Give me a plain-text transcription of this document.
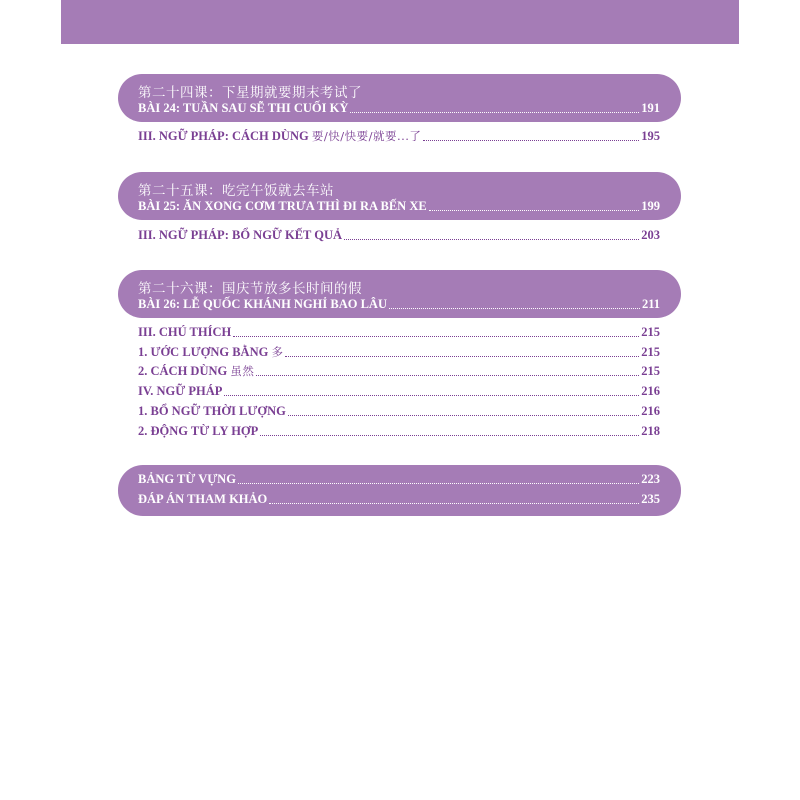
第二十四课：下星期就要期末考试了
BÀI 24: TUẦN SAU SẼ THI CUỐI KỲ	191
III. NGỮ PHÁP: CÁCH DÙNG 要/快/快要/就要...了	195
第二十五课：吃完午饭就去车站
BÀI 25: ĂN XONG CƠM TRƯA THÌ ĐI RA BẾN XE	199
III. NGỮ PHÁP: BỔ NGỮ KẾT QUẢ	203
第二十六课：国庆节放多长时间的假
BÀI 26: LỄ QUỐC KHÁNH NGHỈ BAO LÂU	211
III. CHÚ THÍCH	215
1. ƯỚC LƯỢNG BẰNG 多	215
2. CÁCH DÙNG 虽然	215
IV. NGỮ PHÁP	216
1. BỔ NGỮ THỜI LƯỢNG	216
2. ĐỘNG TỪ LY HỢP	218
BẢNG TỪ VỰNG	223
ĐÁP ÁN THAM KHẢO	235
